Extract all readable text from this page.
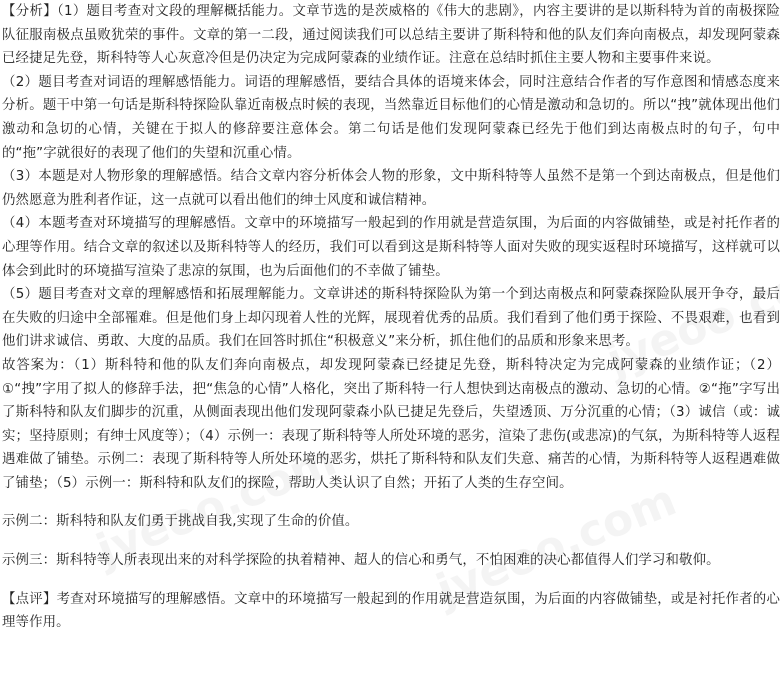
【分析】（1）题目考查对文段的理解概括能力。文章节选的是茨威格的《伟大的悲剧》，内容主要讲的是以斯科特为首的南极探险队征服南极点虽败犹荣的事件。文章的第一二段，通过阅读我们可以总结主要讲了斯科特和他的队友们奔向南极点，却发现阿蒙森已经捷足先登，斯科特等人心灰意冷但是仍决定为完成阿蒙森的业绩作证。注意在总结时抓住主要人物和主要事件来说。

（2）题目考查对词语的理解感悟能力。词语的理解感悟，要结合具体的语境来体会，同时注意结合作者的写作意图和情感态度来分析。题干中第一句话是斯科特探险队靠近南极点时候的表现，当然靠近目标他们的心情是激动和急切的。所以“拽”就体现出他们激动和急切的心情，关键在于拟人的修辞要注意体会。第二句话是他们发现阿蒙森已经先于他们到达南极点时的句子，句中的“拖”字就很好的表现了他们的失望和沉重心情。

（3）本题是对人物形象的理解感悟。结合文章内容分析体会人物的形象，文中斯科特等人虽然不是第一个到达南极点，但是他们仍然愿意为胜利者作证，这一点就可以看出他们的绅士风度和诚信精神。

（4）本题考查对环境描写的理解感悟。文章中的环境描写一般起到的作用就是营造氛围，为后面的内容做铺垫，或是衬托作者的心理等作用。结合文章的叙述以及斯科特等人的经历，我们可以看到这是斯科特等人面对失败的现实返程时环境描写，这样就可以体会到此时的环境描写渲染了悲凉的氛围，也为后面他们的不幸做了铺垫。

（5）题目考查对文章的理解感悟和拓展理解能力。文章讲述的斯科特探险队为第一个到达南极点和阿蒙森探险队展开争夺，最后在失败的归途中全部罹难。但是他们身上却闪现着人性的光辉，展现着优秀的品质。我们看到了他们勇于探险、不畏艰难，也看到他们讲求诚信、勇敢、大度的品质。我们在回答时抓住“积极意义”来分析，抓住他们的品质和形象来思考。

故答案为：（1）斯科特和他的队友们奔向南极点，却发现阿蒙森已经捷足先登，斯科特决定为完成阿蒙森的业绩作证；（2）①“拽”字用了拟人的修辞手法，把“焦急的心情”人格化，突出了斯科特一行人想快到达南极点的激动、急切的心情。②“拖”字写出了斯科特和队友们脚步的沉重，从侧面表现出他们发现阿蒙森小队已捷足先登后，失望透顶、万分沉重的心情；（3）诚信（或：诚实；坚持原则；有绅士风度等）；（4）示例一：表现了斯科特等人所处环境的恶劣，渲染了悲伤(或悲凉)的气氛，为斯科特等人返程遇难做了铺垫。示例二：表现了斯科特等人所处环境的恶劣，烘托了斯科特和队友们失意、痛苦的心情，为斯科特等人返程遇难做了铺垫；（5）示例一：斯科特和队友们的探险，帮助人类认识了自然；开拓了人类的生存空间。

示例二：斯科特和队友们勇于挑战自我,实现了生命的价值。

示例三：斯科特等人所表现出来的对科学探险的执着精神、超人的信心和勇气，不怕困难的决心都值得人们学习和敬仰。

【点评】考查对环境描写的理解感悟。文章中的环境描写一般起到的作用就是营造氛围，为后面的内容做铺垫，或是衬托作者的心理等作用。
